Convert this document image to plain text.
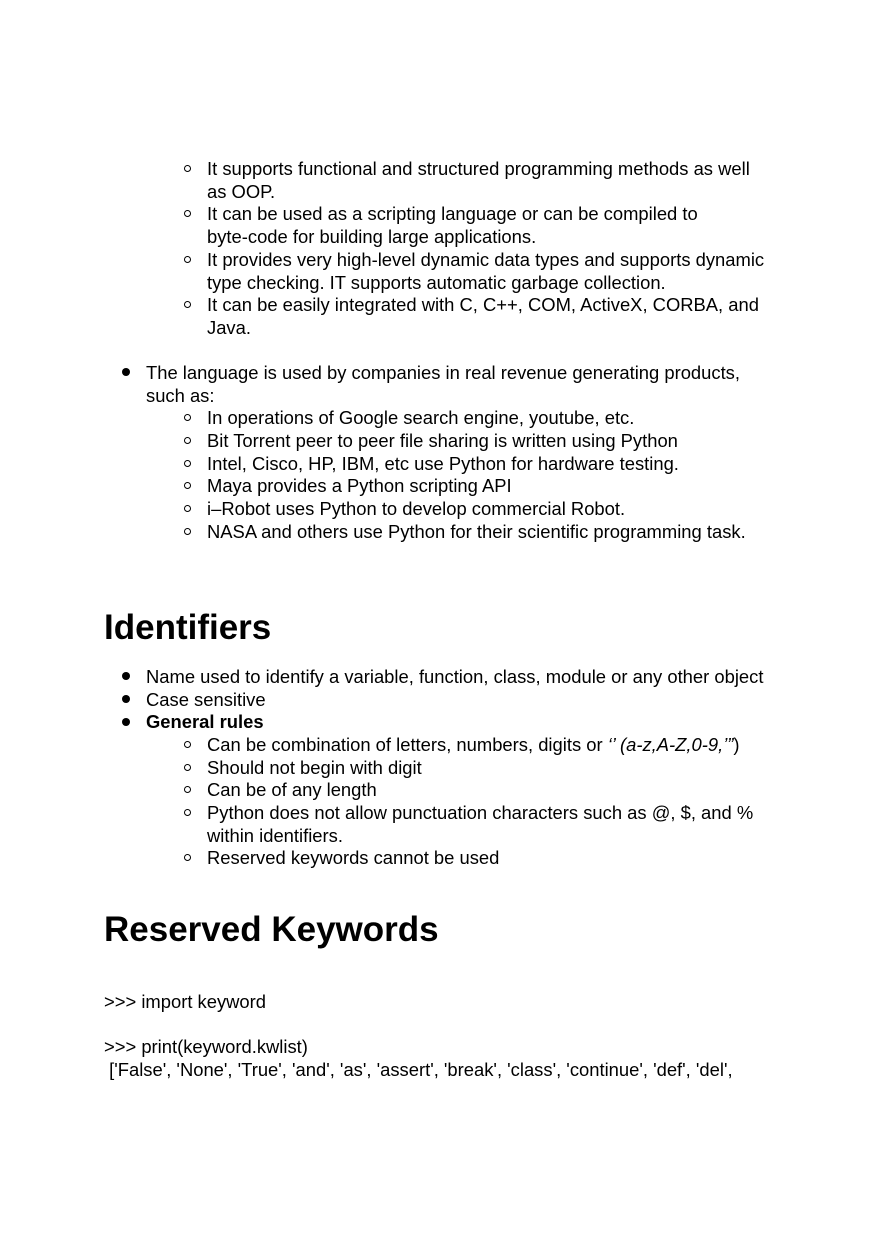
It supports functional and structured programming methods as well
as OOP.
It can be used as a scripting language or can be compiled to
byte-code for building large applications.
It provides very high-level dynamic data types and supports dynamic
type checking. IT supports automatic garbage collection.
It can be easily integrated with C, C++, COM, ActiveX, CORBA, and
Java.
The language is used by companies in real revenue generating products,
such as:
In operations of Google search engine, youtube, etc.
Bit Torrent peer to peer file sharing is written using Python
Intel, Cisco, HP, IBM, etc use Python for hardware testing.
Maya provides a Python scripting API
i–Robot uses Python to develop commercial Robot.
NASA and others use Python for their scientific programming task.
Identifiers
Name used to identify a variable, function, class, module or any other object
Case sensitive
General rules
Can be combination of letters, numbers, digits or ‘’ (a-z,A-Z,0-9,’”)
Should not begin with digit
Can be of any length
Python does not allow punctuation characters such as @, $, and %
within identifiers.
Reserved keywords cannot be used
Reserved Keywords
>>> import keyword
>>> print(keyword.kwlist)
['False', 'None', 'True', 'and', 'as', 'assert', 'break', 'class', 'continue', 'def', 'del',
